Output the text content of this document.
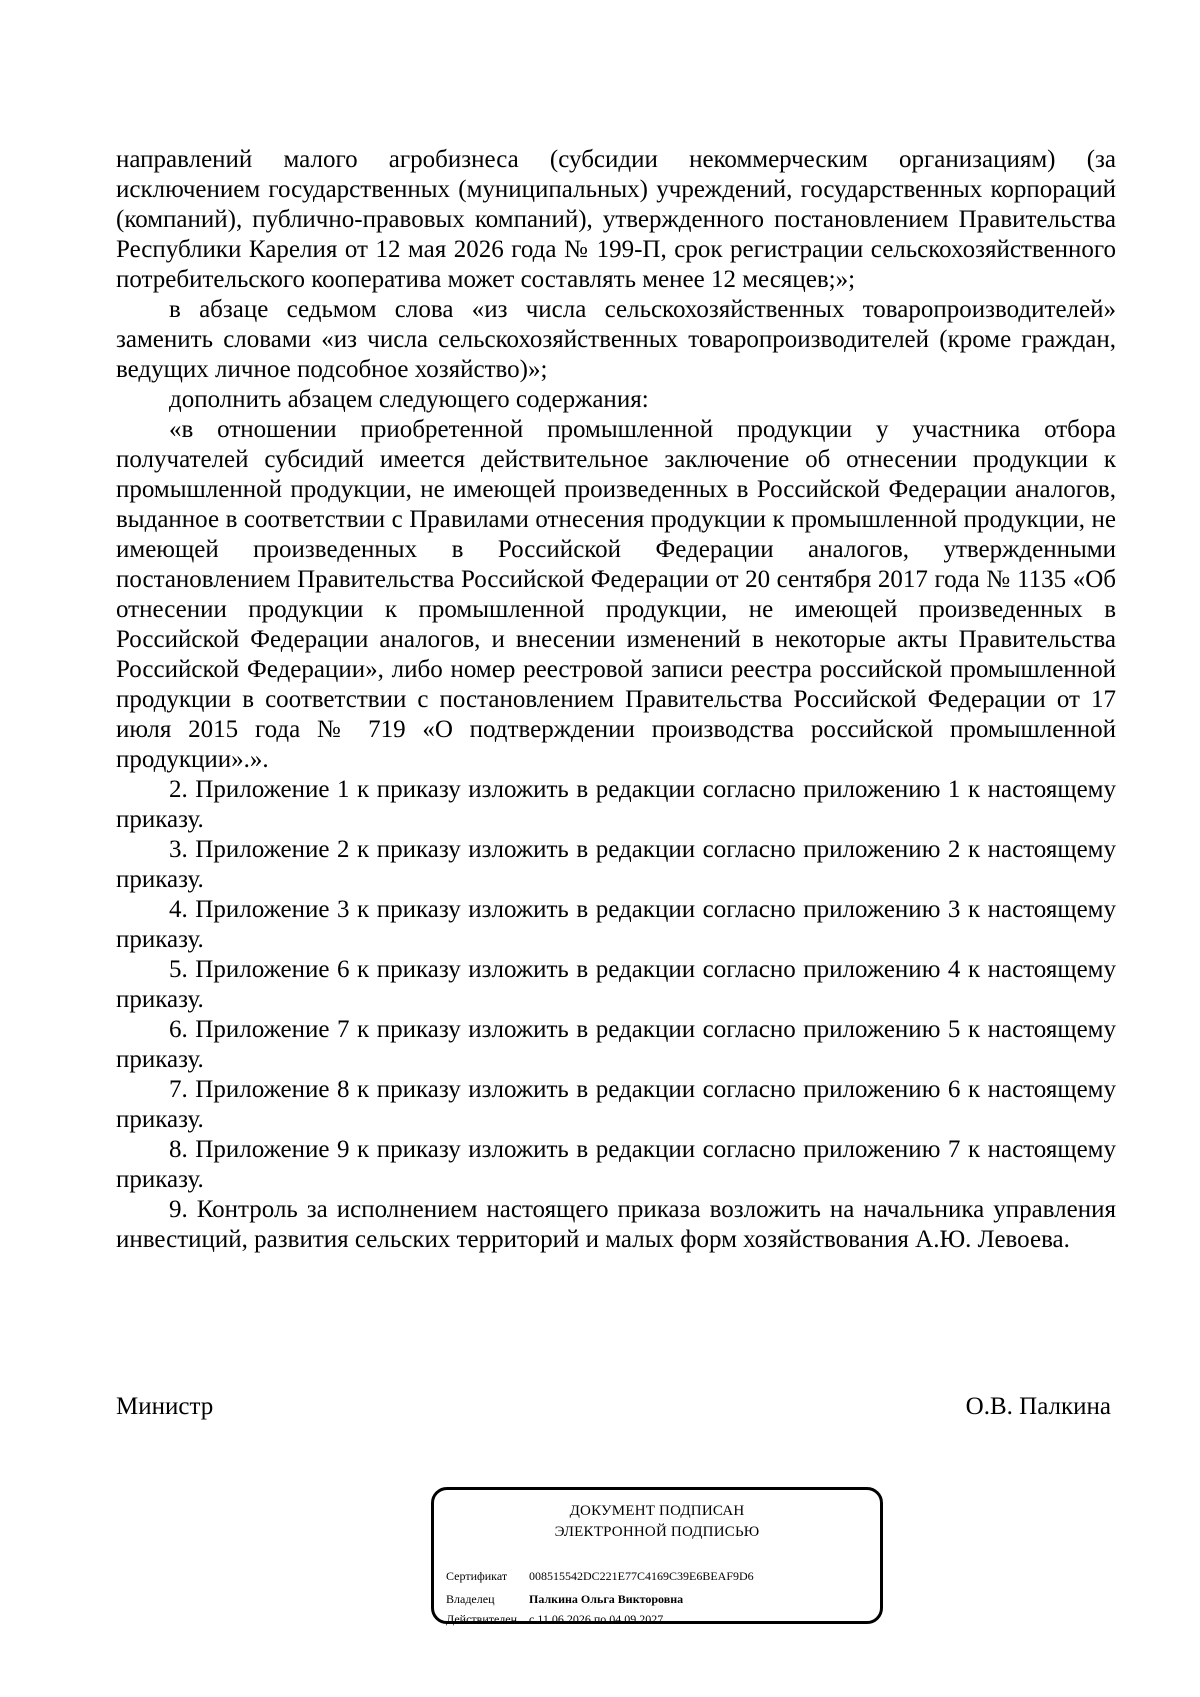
направлений малого агробизнеса (субсидии некоммерческим организациям) (за исключением государственных (муниципальных) учреждений, государственных корпораций (компаний), публично-правовых компаний), утвержденного постановлением Правительства Республики Карелия от 12 мая 2026 года № 199-П, срок регистрации сельскохозяйственного потребительского кооператива может составлять менее 12 месяцев;»;

в абзаце седьмом слова «из числа сельскохозяйственных товаропроизводителей» заменить словами «из числа сельскохозяйственных товаропроизводителей (кроме граждан, ведущих личное подсобное хозяйство)»;

дополнить абзацем следующего содержания:

«в отношении приобретенной промышленной продукции у участника отбора получателей субсидий имеется действительное заключение об отнесении продукции к промышленной продукции, не имеющей произведенных в Российской Федерации аналогов, выданное в соответствии с Правилами отнесения продукции к промышленной продукции, не имеющей произведенных в Российской Федерации аналогов, утвержденными постановлением Правительства Российской Федерации от 20 сентября 2017 года № 1135 «Об отнесении продукции к промышленной продукции, не имеющей произведенных в Российской Федерации аналогов, и внесении изменений в некоторые акты Правительства Российской Федерации», либо номер реестровой записи реестра российской промышленной продукции в соответствии с постановлением Правительства Российской Федерации от 17 июля 2015 года № 719 «О подтверждении производства российской промышленной продукции».».

2. Приложение 1 к приказу изложить в редакции согласно приложению 1 к настоящему приказу.

3. Приложение 2 к приказу изложить в редакции согласно приложению 2 к настоящему приказу.

4. Приложение 3 к приказу изложить в редакции согласно приложению 3 к настоящему приказу.

5. Приложение 6 к приказу изложить в редакции согласно приложению 4 к настоящему приказу.

6. Приложение 7 к приказу изложить в редакции согласно приложению 5 к настоящему приказу.

7. Приложение 8 к приказу изложить в редакции согласно приложению 6 к настоящему приказу.

8. Приложение 9 к приказу изложить в редакции согласно приложению 7 к настоящему приказу.

9. Контроль за исполнением настоящего приказа возложить на начальника управления инвестиций, развития сельских территорий и малых форм хозяйствования А.Ю. Левоева.

Министр	О.В. Палкина
ДОКУМЕНТ ПОДПИСАН
ЭЛЕКТРОННОЙ ПОДПИСЬЮ
Сертификат 008515542DC221E77C4169C39E6BEAF9D6
Владелец	Палкина Ольга Викторовна
Действителен с 11.06.2026 по 04.09.2027
